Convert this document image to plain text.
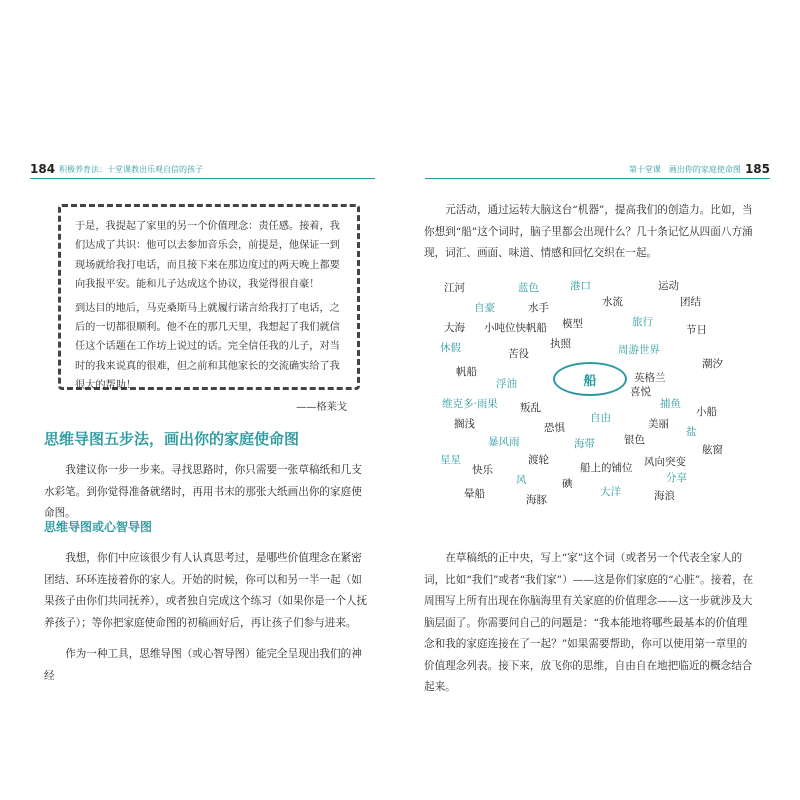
184 积极养育法：十堂课教出乐观自信的孩子	第十堂课　画出你的家庭使命图 185

于是，我提起了家里的另一个价值理念：责任感。接着，我们达成了共识：他可以去参加音乐会，前提是，他保证一到现场就给我打电话，而且接下来在那边度过的两天晚上都要向我报平安。能和儿子达成这个协议，我觉得很自豪！

到达目的地后，马克桑斯马上就履行诺言给我打了电话，之后的一切都很顺利。他不在的那几天里，我想起了我们就信任这个话题在工作坊上说过的话。完全信任我的儿子，对当时的我来说真的很难，但之前和其他家长的交流确实给了我很大的帮助！

——格莱戈
思维导图五步法，画出你的家庭使命图

我建议你一步一步来。寻找思路时，你只需要一张草稿纸和几支水彩笔。到你觉得准备就绪时，再用书末的那张大纸画出你的家庭使命图。

思维导图或心智导图

我想，你们中应该很少有人认真思考过，是哪些价值理念在紧密团结、环环连接着你的家人。开始的时候，你可以和另一半一起（如果孩子由你们共同抚养），或者独自完成这个练习（如果你是一个人抚养孩子）；等你把家庭使命图的初稿画好后，再让孩子们参与进来。

作为一种工具，思维导图（或心智导图）能完全呈现出我们的神经

元活动，通过运转大脑这台“机器”，提高我们的创造力。比如，当你想到“船”这个词时，脑子里都会出现什么？几十条记忆从四面八方涌现，词汇、画面、味道、情感和回忆交织在一起。

船
江河	蓝色	港口	运动
自豪	水手	水流	团结
大海 小吨位快帆船 模型	旅行
节日
休假	苦役
执照	周游世界
潮汐
帆船
浮油	英格兰
喜悦
维克多·雨果 叛乱
自由
捕鱼
小船
搁浅	恐惧	美丽
盐
暴风雨	海带	银色
舷窗
星星	渡轮
船上的铺位 风向突变
快乐
风	碘	分享
晕船	海豚
大洋	海浪

在草稿纸的正中央，写上“家”这个词（或者另一个代表全家人的词，比如“我们”或者“我们家”）——这是你们家庭的“心脏”。接着，在周围写上所有出现在你脑海里有关家庭的价值理念——这一步就涉及大脑层面了。你需要问自己的问题是：“我本能地将哪些最基本的价值理念和我的家庭连接在了一起？”如果需要帮助，你可以使用第一章里的价值理念列表。接下来，放飞你的思维，自由自在地把临近的概念结合起来。
